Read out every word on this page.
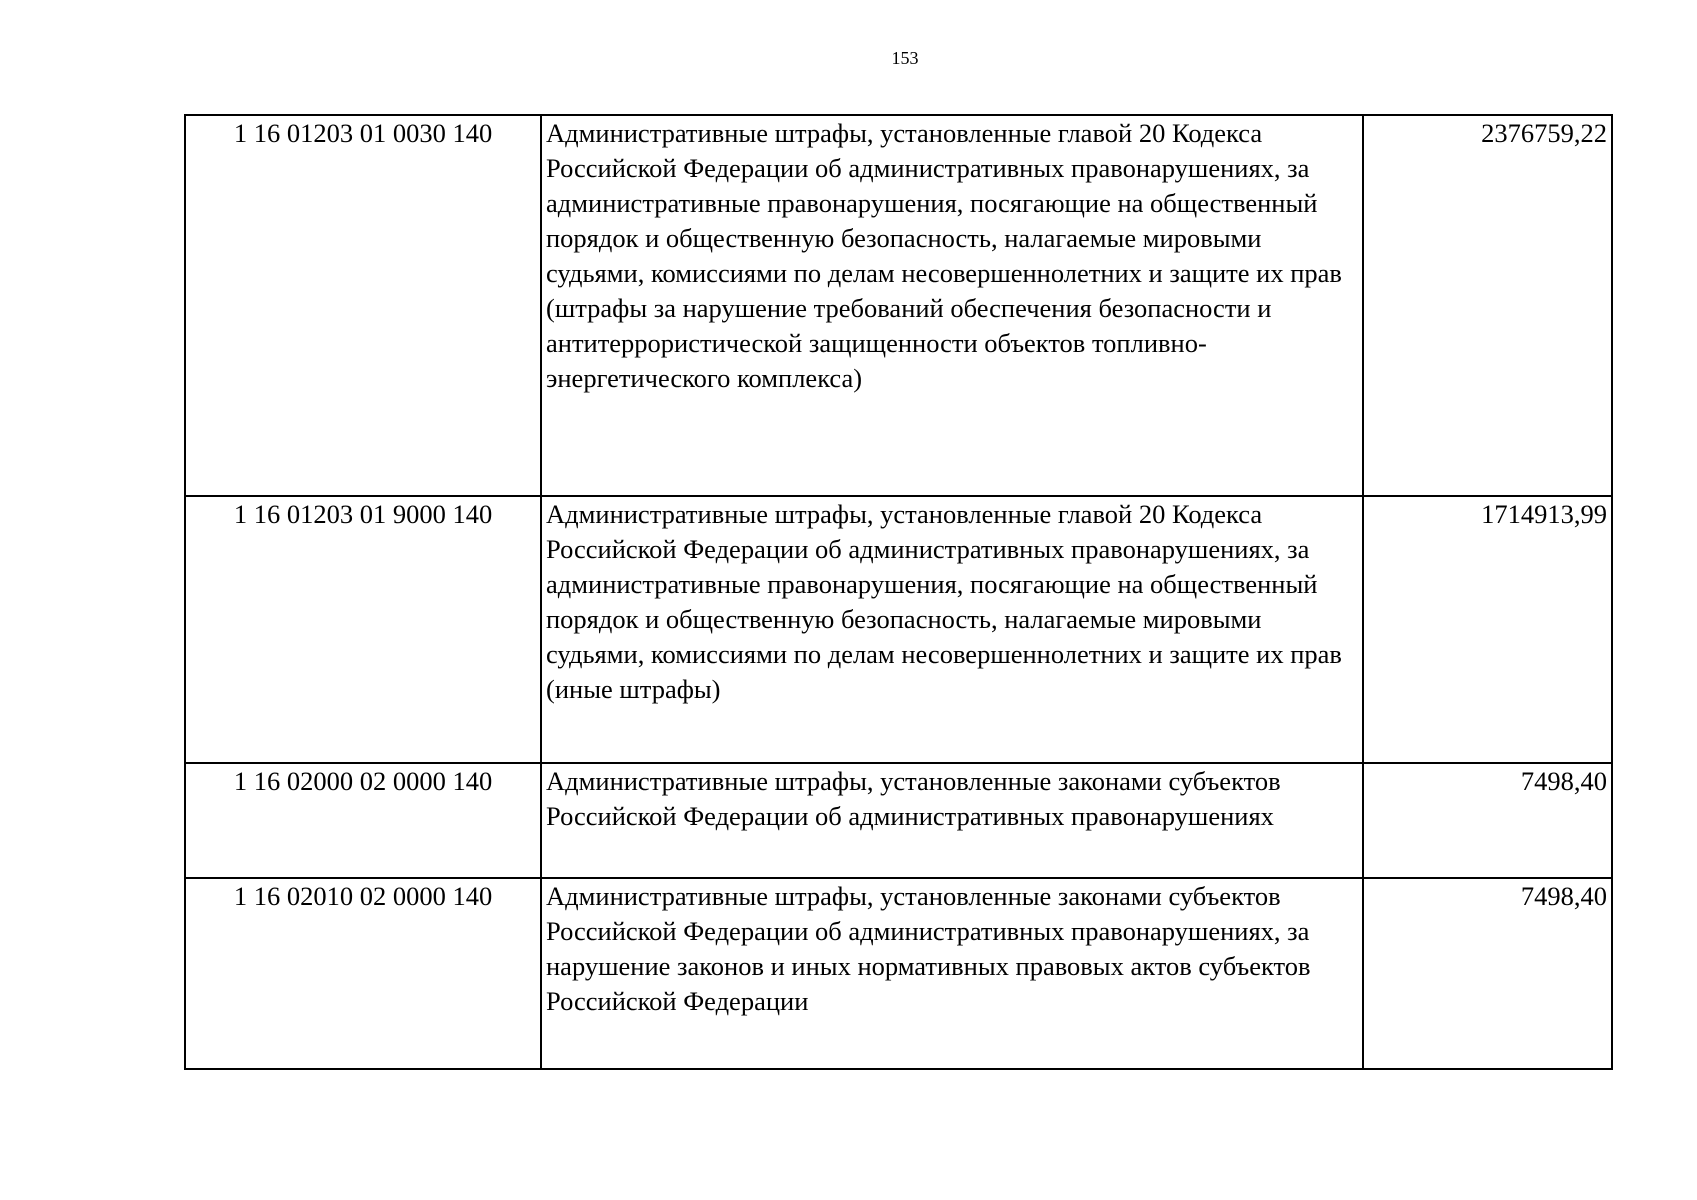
153
1 16 01203 01 0030 140	Административные штрафы, установленные главой 20 Кодекса Российской Федерации об административных правонарушениях, за административные правонарушения, посягающие на общественный порядок и общественную безопасность, налагаемые мировыми судьями, комиссиями по делам несовершеннолетних и защите их прав (штрафы за нарушение требований обеспечения безопасности и антитеррористической защищенности объектов топливно-энергетического комплекса)	2376759,22
1 16 01203 01 9000 140	Административные штрафы, установленные главой 20 Кодекса Российской Федерации об административных правонарушениях, за административные правонарушения, посягающие на общественный порядок и общественную безопасность, налагаемые мировыми судьями, комиссиями по делам несовершеннолетних и защите их прав (иные штрафы)	1714913,99
1 16 02000 02 0000 140	Административные штрафы, установленные законами субъектов Российской Федерации об административных правонарушениях	7498,40
1 16 02010 02 0000 140	Административные штрафы, установленные законами субъектов Российской Федерации об административных правонарушениях, за нарушение законов и иных нормативных правовых актов субъектов Российской Федерации	7498,40
